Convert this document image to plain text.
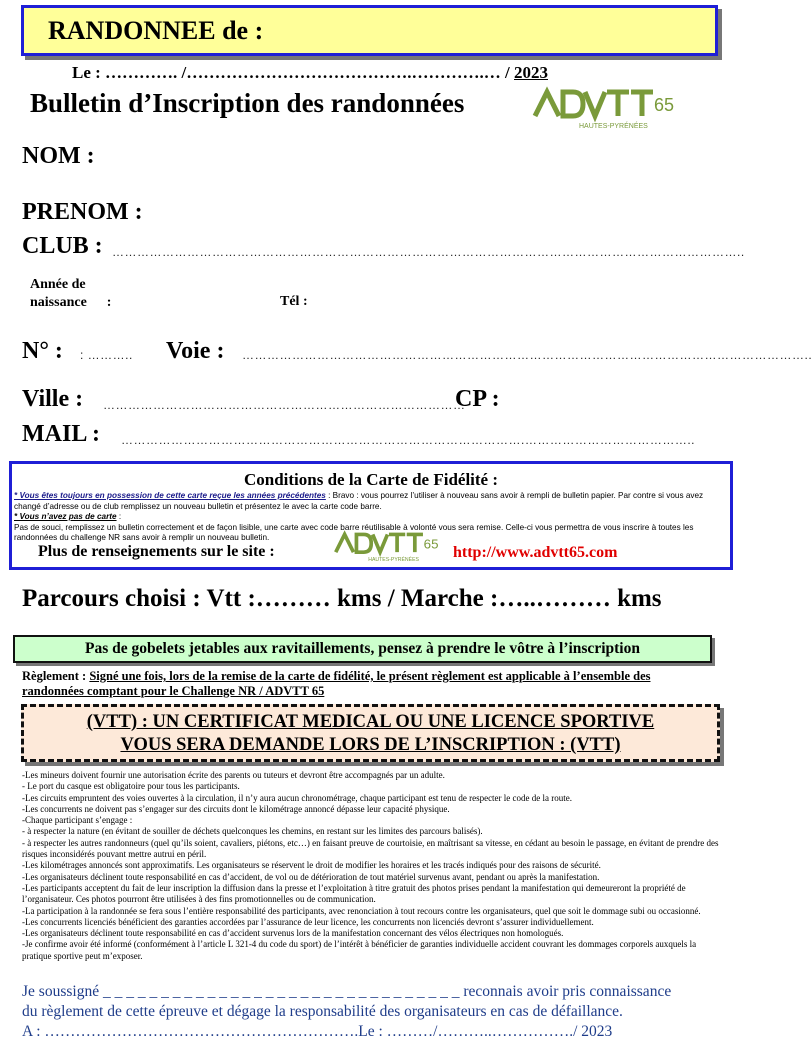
RANDONNEE de :
Le : …………. /………………………………….………….… / 2023
Bulletin d’Inscription des randonnées	65
HAUTES-PYRÉNÉES
NOM :
PRENOM :
CLUB : ……………………………………………………………………………………………………………………………………..
Année de
naissance :	Tél :
N° : : ………..	Voie : ………………………………………………………………………………………………………………………..
Ville : ……………………………………………………………………………
CP :
MAIL : …………………………………………………………………………………….…………………………………..
Conditions de la Carte de Fidélité :
* Vous êtes toujours en possession de cette carte reçue les années précédentes : Bravo : vous pourrez l’utiliser à nouveau sans avoir à rempli de bulletin papier. Par contre si vous avez changé d’adresse ou de club remplissez un nouveau bulletin et présentez le avec la carte code barre.
* Vous n’avez pas de carte :
Pas de souci, remplissez un bulletin correctement et de façon lisible, une carte avec code barre réutilisable à volonté vous sera remise. Celle-ci vous permettra de vous inscrire à toutes les randonnées du challenge NR sans avoir à remplir un nouveau bulletin.
Plus de renseignements sur le site :	65
HAUTES-PYRÉNÉES http://www.advtt65.com
Parcours choisi : Vtt :……… kms / Marche :…..……… kms
Pas de gobelets jetables aux ravitaillements, pensez à prendre le vôtre à l’inscription
Règlement : Signé une fois, lors de la remise de la carte de fidélité, le présent règlement est applicable à l’ensemble des randonnées comptant pour le Challenge NR / ADVTT 65
(VTT) : UN CERTIFICAT MEDICAL OU UNE LICENCE SPORTIVE
VOUS SERA DEMANDE LORS DE L’INSCRIPTION : (VTT)

-Les mineurs doivent fournir une autorisation écrite des parents ou tuteurs et devront être accompagnés par un adulte.

- Le port du casque est obligatoire pour tous les participants.

-Les circuits empruntent des voies ouvertes à la circulation, il n’y aura aucun chronométrage, chaque participant est tenu de respecter le code de la route.

-Les concurrents ne doivent pas s’engager sur des circuits dont le kilométrage annoncé dépasse leur capacité physique.

-Chaque participant s’engage :

- à respecter la nature (en évitant de souiller de déchets quelconques les chemins, en restant sur les limites des parcours balisés).

- à respecter les autres randonneurs (quel qu’ils soient, cavaliers, piétons, etc…) en faisant preuve de courtoisie, en maîtrisant sa vitesse, en cédant au besoin le passage, en évitant de prendre des risques inconsidérés pouvant mettre autrui en péril.

-Les kilométrages annoncés sont approximatifs. Les organisateurs se réservent le droit de modifier les horaires et les tracés indiqués pour des raisons de sécurité.

-Les organisateurs déclinent toute responsabilité en cas d’accident, de vol ou de détérioration de tout matériel survenus avant, pendant ou après la manifestation.

-Les participants acceptent du fait de leur inscription la diffusion dans la presse et l’exploitation à titre gratuit des photos prises pendant la manifestation qui demeureront la propriété de l’organisateur. Ces photos pourront être utilisées à des fins promotionnelles ou de communication.

-La participation à la randonnée se fera sous l’entière responsabilité des participants, avec renonciation à tout recours contre les organisateurs, quel que soit le dommage subi ou occasionné.

-Les concurrents licenciés bénéficient des garanties accordées par l’assurance de leur licence, les concurrents non licenciés devront s’assurer individuellement.

-Les organisateurs déclinent toute responsabilité en cas d’accident survenus lors de la manifestation concernant des vélos électriques non homologués.

-Je confirme avoir été informé (conformément à l’article L 321-4 du code du sport) de l’intérêt à bénéficier de garanties individuelle accident couvrant les dommages corporels auxquels la pratique sportive peut m’exposer.

Je soussigné _ _ _ _ _ _ _ _ _ _ _ _ _ _ _ _ _ _ _ _ _ _ _ _ _ _ _ _ _ _ _ reconnais avoir pris connaissance

du règlement de cette épreuve et dégage la responsabilité des organisateurs en cas de défaillance.

A : …………………………………………………….Le : ………/………..……………./ 2023
